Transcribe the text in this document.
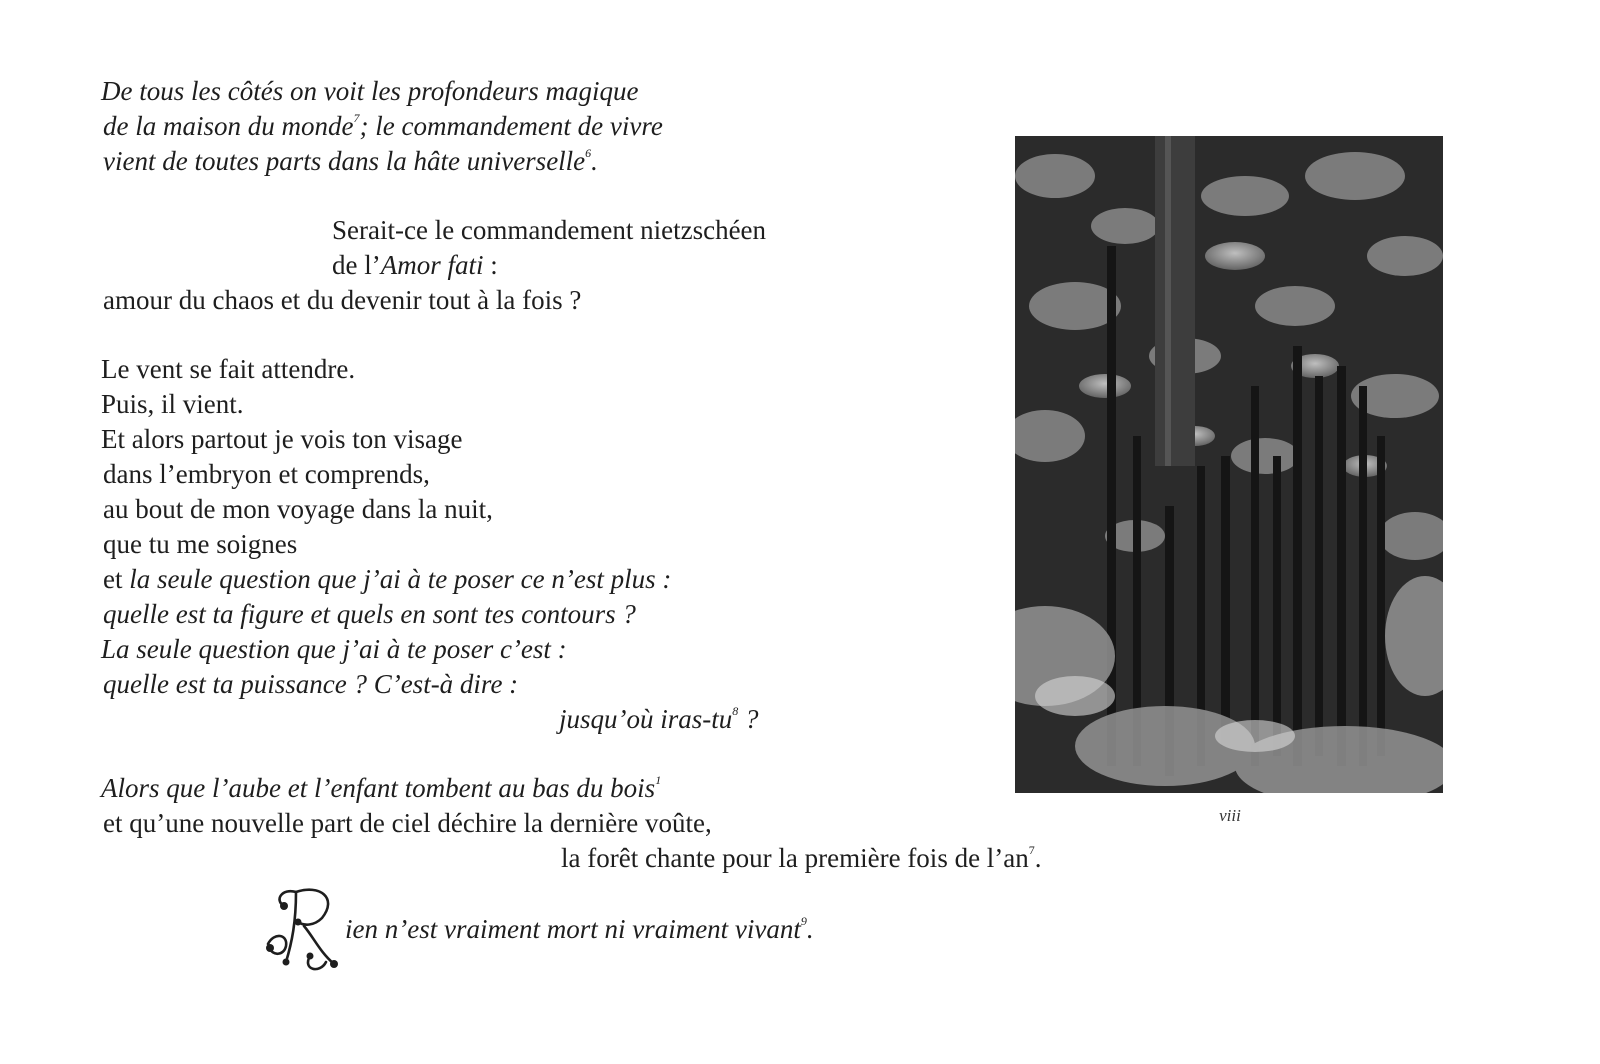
De tous les côtés on voit les profondeurs magique
de la maison du monde$^7$; le commandement de vivre
vient de toutes parts dans la hâte universelle$^6$.
Serait-ce le commandement nietzschéen
de l’Amor fati :
amour du chaos et du devenir tout à la fois ?
Le vent se fait attendre.
Puis, il vient.
Et alors partout je vois ton visage
dans l’embryon et comprends,
au bout de mon voyage dans la nuit,
que tu me soignes
et la seule question que j’ai à te poser ce n’est plus :
quelle est ta figure et quels en sont tes contours ?
La seule question que j’ai à te poser c’est :
quelle est ta puissance ? C’est-à dire :
jusqu’où iras-$tu^8$ ?
Alors que l’aube et l’enfant tombent au bas du bois$^1$
et qu’une nouvelle part de ciel déchire la dernière voûte,
la forêt chante pour la première fois de $l’an^7$.
ien n’est vraiment mort ni vraiment vivant$^9$.
viii
